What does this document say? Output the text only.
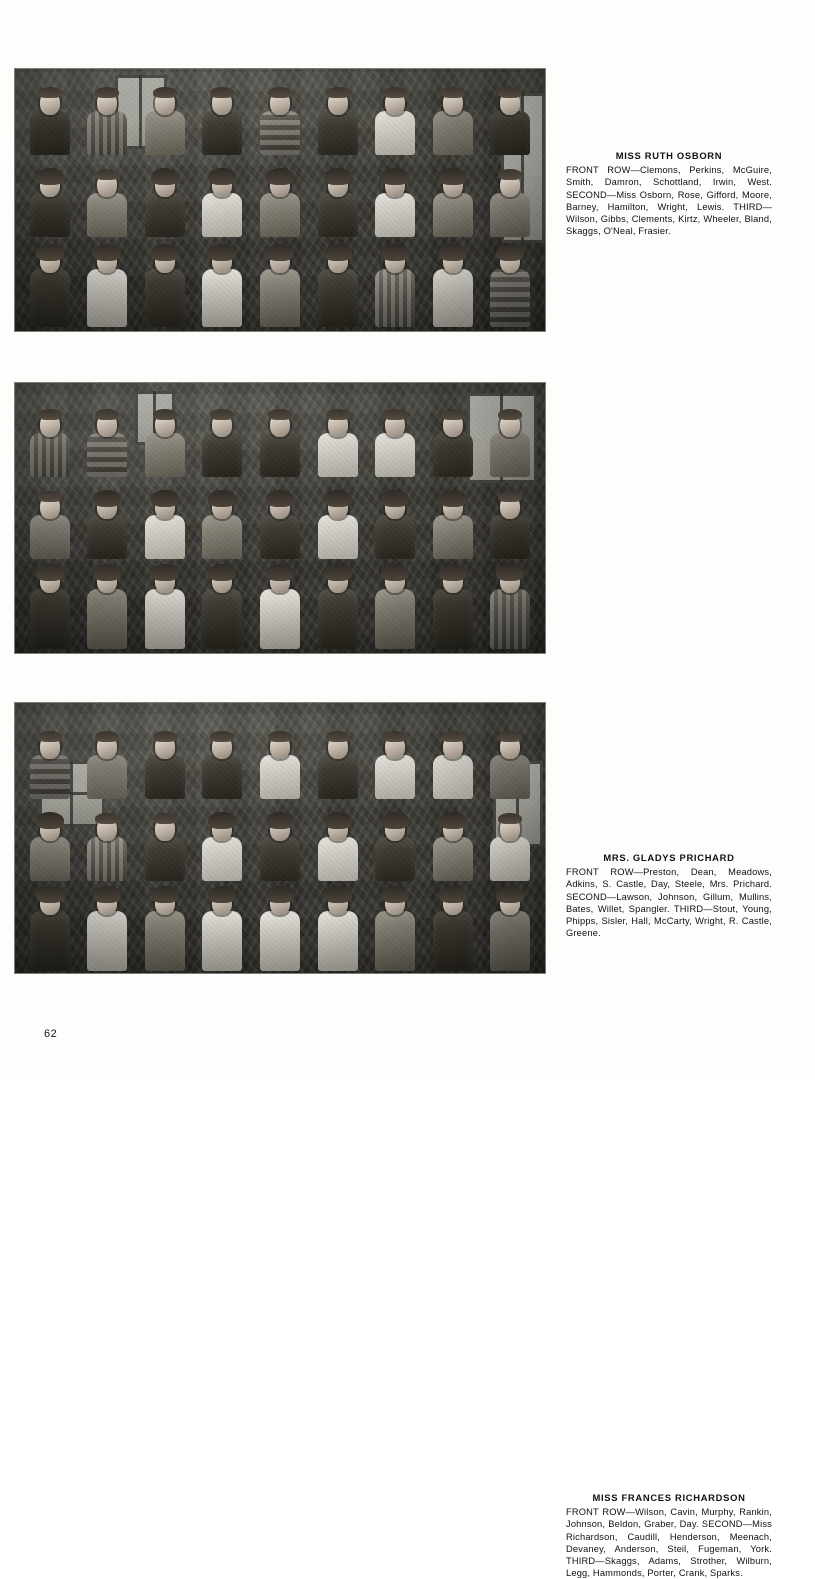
MISS RUTH OSBORN
FRONT ROW—Clemons, Perkins, McGuire, Smith, Damron, Schottland, Irwin, West. SECOND—Miss Osborn, Rose, Gifford, Moore, Barney, Hamilton, Wright, Lewis. THIRD—Wilson, Gibbs, Clements, Kirtz, Wheeler, Bland, Skaggs, O'Neal, Frasier.
MRS. GLADYS PRICHARD
FRONT ROW—Preston, Dean, Meadows, Adkins, S. Castle, Day, Steele, Mrs. Prichard. SECOND—Lawson, Johnson, Gillum, Mullins, Bates, Willet, Spangler. THIRD—Stout, Young, Phipps, Sisler, Hall, McCarty, Wright, R. Castle, Greene.
MISS FRANCES RICHARDSON
FRONT ROW—Wilson, Cavin, Murphy, Rankin, Johnson, Beldon, Graber, Day. SECOND—Miss Richardson, Caudill, Henderson, Meenach, Devaney, Anderson, Steil, Fugeman, York. THIRD—Skaggs, Adams, Strother, Wilburn, Legg, Hammonds, Porter, Crank, Sparks.
62
